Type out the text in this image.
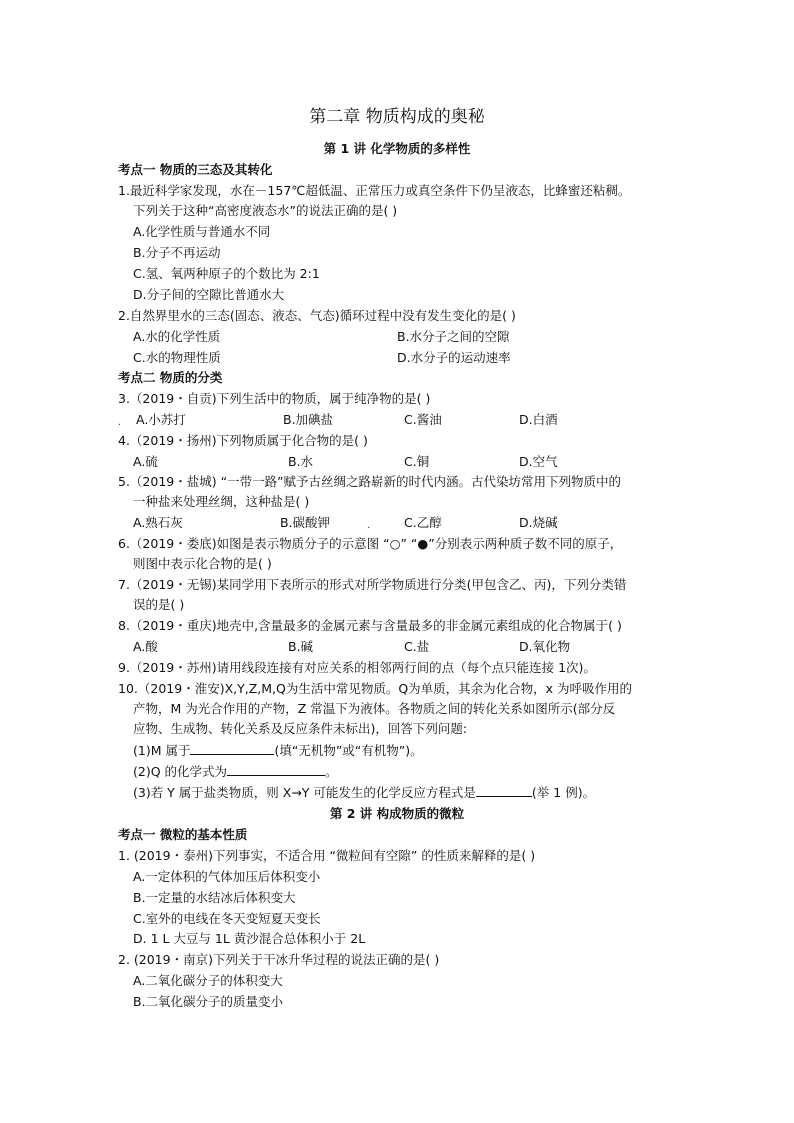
第二章 物质构成的奥秘
第 1 讲 化学物质的多样性
考点一 物质的三态及其转化
1.最近科学家发现，水在－157℃超低温、正常压力或真空条件下仍呈液态，比蜂蜜还粘稠。
下列关于这种“高密度液态水”的说法正确的是( )
A.化学性质与普通水不同
B.分子不再运动
C.氢、氧两种原子的个数比为 2:1
D.分子间的空隙比普通水大
2.自然界里水的三态(固态、液态、气态)循环过程中没有发生变化的是( )
A.水的化学性质	B.水分子之间的空隙
C.水的物理性质	D.水分子的运动速率
考点二 物质的分类
3.（2019・自贡)下列生活中的物质，属于纯净物的是( )
. A.小苏打	B.加碘盐	C.酱油	D.白酒
4.（2019・扬州)下列物质属于化合物的是( )
A.硫	B.水	C.铜	D.空气
5.（2019・盐城) “一带一路”赋予古丝绸之路崭新的时代内涵。古代染坊常用下列物质中的
一种盐来处理丝绸，这种盐是( )
A.熟石灰	B.碳酸钾	.	C.乙醇	D.烧碱
6.（2019・娄底)如图是表示物质分子的示意图 “○” “●”分别表示两种质子数不同的原子，
则图中表示化合物的是( )
7.（2019・无锡)某同学用下表所示的形式对所学物质进行分类(甲包含乙、丙)，下列分类错
误的是( )
8.（2019・重庆)地壳中,含量最多的金属元素与含量最多的非金属元素组成的化合物属于( )
A.酸	B.碱	C.盐	D.氧化物
9.（2019・苏州)请用线段连接有对应关系的相邻两行间的点（每个点只能连接 1次)。
10.（2019・淮安)X,Y,Z,M,Q为生活中常见物质。Q为单质，其余为化合物，x 为呼吸作用的
产物，M 为光合作用的产物，Z 常温下为液体。各物质之间的转化关系如图所示(部分反
应物、生成物、转化关系及反应条件未标出)，回答下列问题:
(1)M 属于	(填“无机物”或“有机物”)。
(2)Q 的化学式为	。
(3)若 Y 属于盐类物质，则 X→Y 可能发生的化学反应方程式是	(举 1 例)。
第 2 讲 构成物质的微粒
考点一 微粒的基本性质
1. (2019・泰州)下列事实，不适合用 “微粒间有空隙” 的性质来解释的是( )
A.一定体积的气体加压后体积变小
B.一定量的水结冰后体积变大
C.室外的电线在冬天变短夏天变长
D. 1 L 大豆与 1L 黄沙混合总体积小于 2L
2. (2019・南京)下列关于干冰升华过程的说法正确的是( )
A.二氧化碳分子的体积变大
B.二氧化碳分子的质量变小
